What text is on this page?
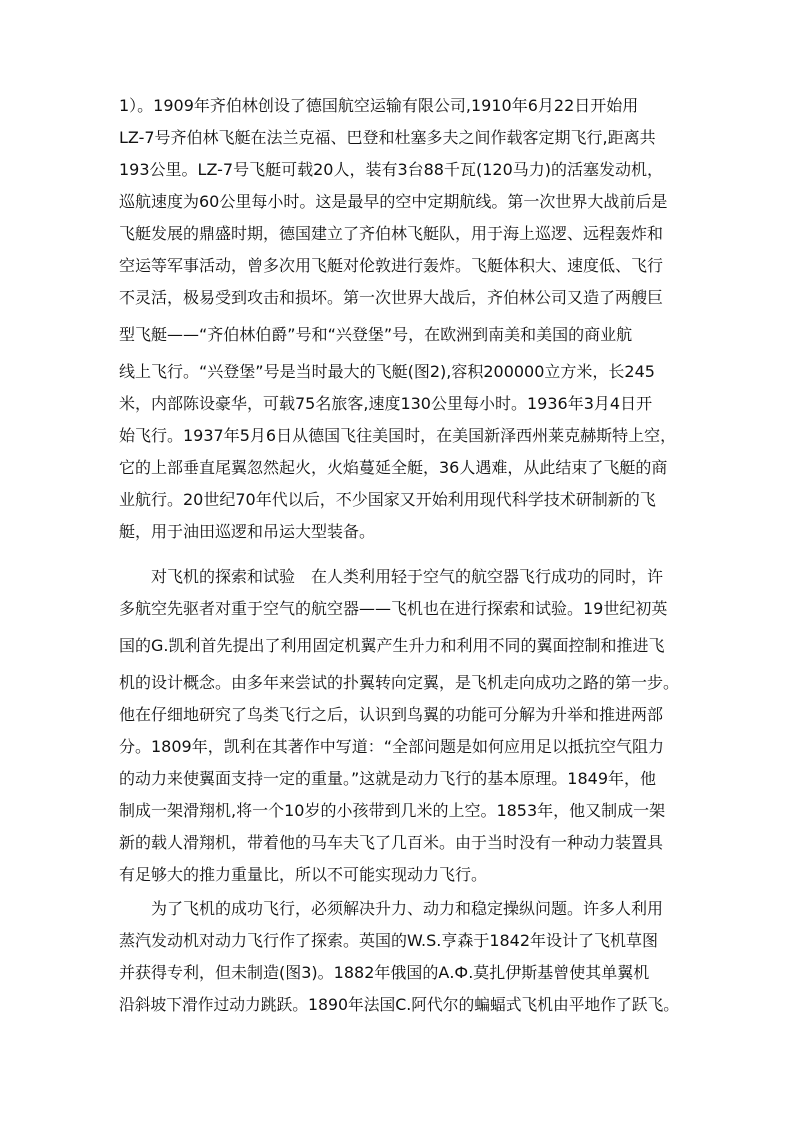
1）。1909年齐伯林创设了德国航空运输有限公司,1910年6月22日开始用
LZ-7号齐伯林飞艇在法兰克福、巴登和杜塞多夫之间作载客定期飞行,距离共
193公里。LZ-7号飞艇可载20人，装有3台88千瓦(120马力)的活塞发动机，
巡航速度为60公里每小时。这是最早的空中定期航线。第一次世界大战前后是
飞艇发展的鼎盛时期，德国建立了齐伯林飞艇队，用于海上巡逻、远程轰炸和
空运等军事活动，曾多次用飞艇对伦敦进行轰炸。飞艇体积大、速度低、飞行
不灵活，极易受到攻击和损坏。第一次世界大战后，齐伯林公司又造了两艘巨
型飞艇——“齐伯林伯爵”号和“兴登堡”号，在欧洲到南美和美国的商业航
线上飞行。“兴登堡”号是当时最大的飞艇(图2),容积200000立方米，长245
米，内部陈设豪华，可载75名旅客,速度130公里每小时。1936年3月4日开
始飞行。1937年5月6日从德国飞往美国时，在美国新泽西州莱克赫斯特上空，
它的上部垂直尾翼忽然起火，火焰蔓延全艇，36人遇难，从此结束了飞艇的商
业航行。20世纪70年代以后，不少国家又开始利用现代科学技术研制新的飞
艇，用于油田巡逻和吊运大型装备。
对飞机的探索和试验　在人类利用轻于空气的航空器飞行成功的同时，许
多航空先驱者对重于空气的航空器——飞机也在进行探索和试验。19世纪初英
国的G.凯利首先提出了利用固定机翼产生升力和利用不同的翼面控制和推进飞
机的设计概念。由多年来尝试的扑翼转向定翼，是飞机走向成功之路的第一步。
他在仔细地研究了鸟类飞行之后，认识到鸟翼的功能可分解为升举和推进两部
分。1809年，凯利在其著作中写道：“全部问题是如何应用足以抵抗空气阻力
的动力来使翼面支持一定的重量。”这就是动力飞行的基本原理。1849年，他
制成一架滑翔机,将一个10岁的小孩带到几米的上空。1853年，他又制成一架
新的载人滑翔机，带着他的马车夫飞了几百米。由于当时没有一种动力装置具
有足够大的推力重量比，所以不可能实现动力飞行。
为了飞机的成功飞行，必须解决升力、动力和稳定操纵问题。许多人利用
蒸汽发动机对动力飞行作了探索。英国的W.S.亨森于1842年设计了飞机草图
并获得专利，但未制造(图3)。1882年俄国的А.Ф.莫扎伊斯基曾使其单翼机
沿斜坡下滑作过动力跳跃。1890年法国C.阿代尔的蝙蝠式飞机由平地作了跃飞。
